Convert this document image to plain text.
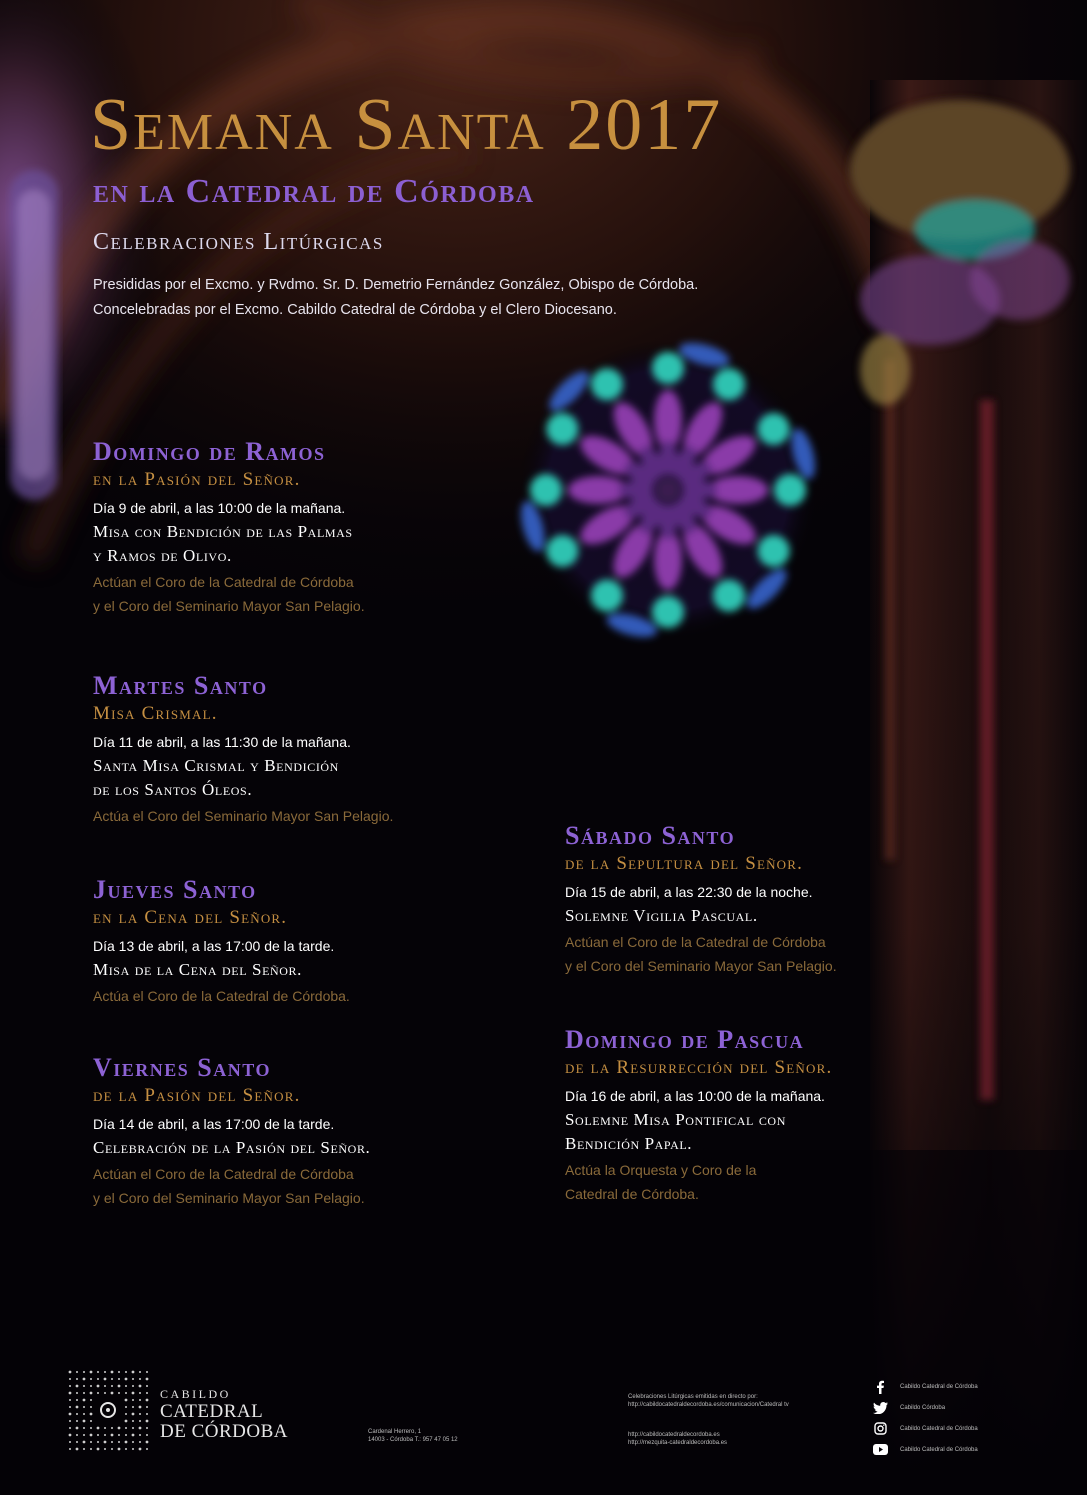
Semana Santa 2017
en la Catedral de Córdoba
Celebraciones Litúrgicas
Presididas por el Excmo. y Rvdmo. Sr. D. Demetrio Fernández González, Obispo de Córdoba.
Concelebradas por el Excmo. Cabildo Catedral de Córdoba y el Clero Diocesano.
Domingo de Ramos
en la Pasión del Señor.
Día 9 de abril, a las 10:00 de la mañana.
Misa con Bendición de las Palmas
y Ramos de Olivo.
Actúan el Coro de la Catedral de Córdoba
y el Coro del Seminario Mayor San Pelagio.
Martes Santo
Misa Crismal.
Día 11 de abril, a las 11:30 de la mañana.
Santa Misa Crismal y Bendición
de los Santos Óleos.
Actúa el Coro del Seminario Mayor San Pelagio.
Jueves Santo
en la Cena del Señor.
Día 13 de abril, a las 17:00 de la tarde.
Misa de la Cena del Señor.
Actúa el Coro de la Catedral de Córdoba.
Viernes Santo
de la Pasión del Señor.
Día 14 de abril, a las 17:00 de la tarde.
Celebración de la Pasión del Señor.
Actúan el Coro de la Catedral de Córdoba
y el Coro del Seminario Mayor San Pelagio.
Sábado Santo
de la Sepultura del Señor.
Día 15 de abril, a las 22:30 de la noche.
Solemne Vigilia Pascual.
Actúan el Coro de la Catedral de Córdoba
y el Coro del Seminario Mayor San Pelagio.
Domingo de Pascua
de la Resurrección del Señor.
Día 16 de abril, a las 10:00 de la mañana.
Solemne Misa Pontifical con
Bendición Papal.
Actúa la Orquesta y Coro de la
Catedral de Córdoba.
CABILDO
CATEDRAL
DE CÓRDOBA	Cardenal Herrero, 1
14003 - Córdoba T.: 957 47 05 12
Celebraciones Litúrgicas emitidas en directo por:
http://cabildocatedraldecordoba.es/comunicacion/Catedral tv
http://cabildocatedraldecordoba.es
http://mezquita-catedraldecordoba.es
Cabildo Catedral de Córdoba
Cabildo Córdoba
Cabildo Catedral de Córdoba
Cabildo Catedral de Córdoba
